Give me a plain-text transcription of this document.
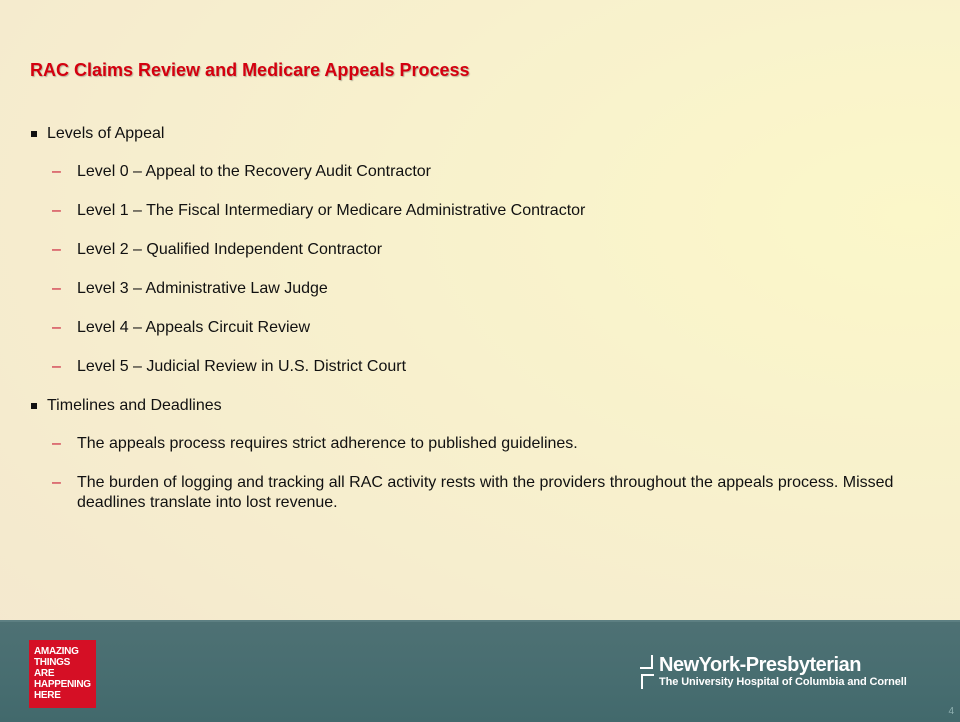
RAC Claims Review and Medicare Appeals Process
Levels of Appeal
–	Level 0 – Appeal to the Recovery Audit Contractor
–	Level 1 – The Fiscal Intermediary or Medicare Administrative Contractor
–	Level 2 – Qualified Independent Contractor
–	Level 3 – Administrative Law Judge
–	Level 4 – Appeals Circuit Review
–	Level 5 – Judicial Review in U.S. District Court
Timelines and Deadlines
–	The appeals process requires strict adherence to published guidelines.
–	The burden of logging and tracking all RAC activity rests with the providers throughout the appeals process. Missed deadlines translate into lost revenue.
AMAZING
THINGS
ARE
HAPPENING
HERE
NewYork-Presbyterian
The University Hospital of Columbia and Cornell
4
